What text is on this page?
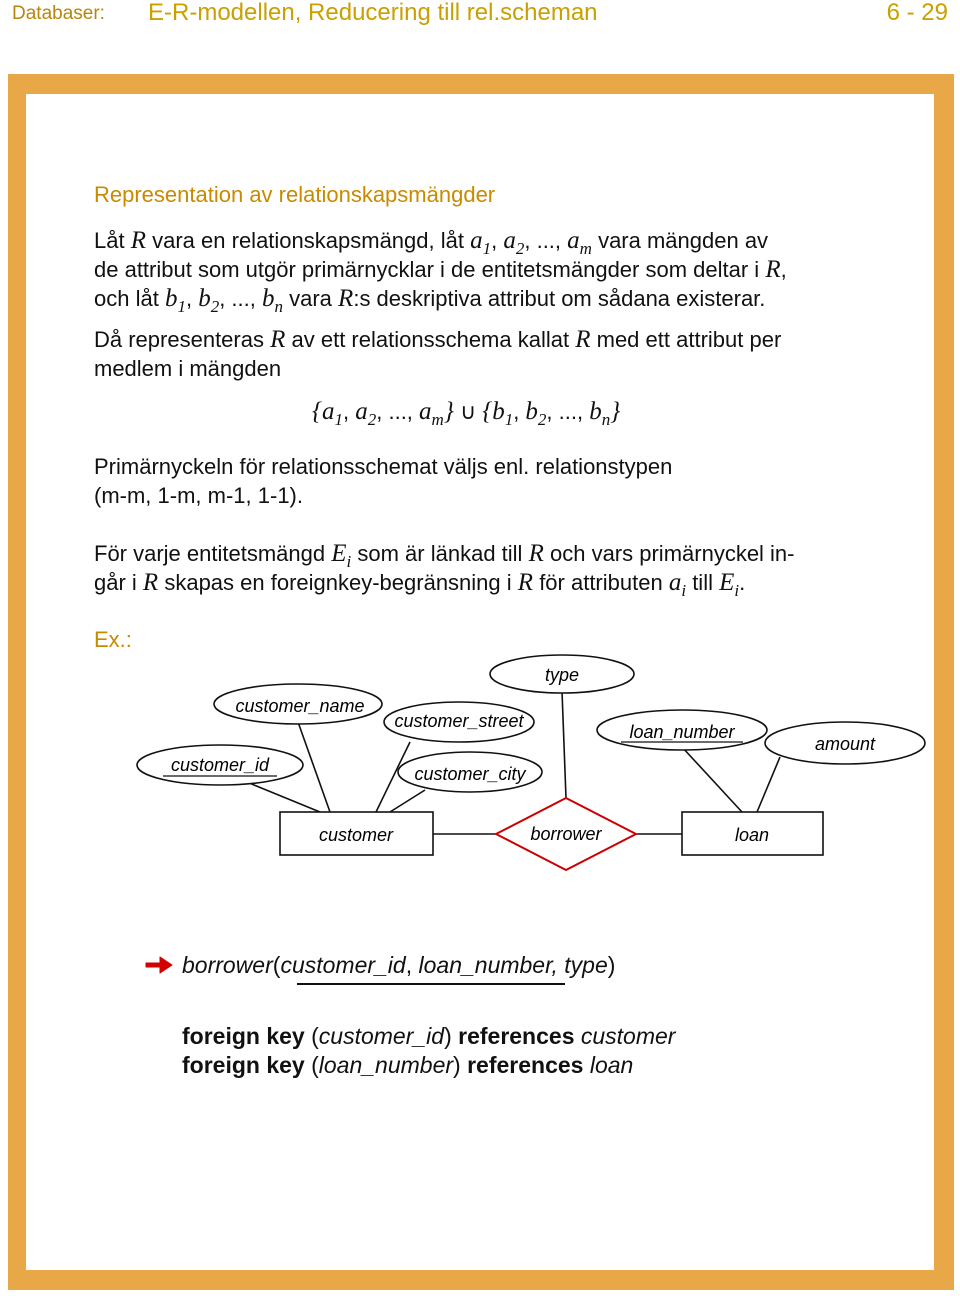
Databaser: E-R-modellen, Reducering till rel.scheman	6 - 29
Representation av relationskapsmängder
Låt R vara en relationskapsmängd, låt $a_1$, $a_2$, ..., $a_m$ vara mängden av
de attribut som utgör primärnycklar i de entitetsmängder som deltar i R,
och låt $b_1$, $b_2$, ..., $b_n$ vara R:s deskriptiva attribut om sådana existerar.
Då representeras R av ett relationsschema kallat R med ett attribut per
medlem i mängden
{$a_1$, $a_2$, ..., $a_m$} ∪ {$b_1$, $b_2$, ..., $b_n$}
Primärnyckeln för relationsschemat väljs enl. relationstypen
(m-m, 1-m, m-1, 1-1).
För varje entitetsmängd $E_i$ som är länkad till R och vars primärnyckel in-
går i R skapas en foreignkey-begränsning i R för attributen $a_i$ till $E_i$.
Ex.:
customer_id
customer_name
customer_street
customer_city
type
loan_number
amount
customer	borrower	loan
borrower(customer_id, loan_number, type)
foreign key (customer_id) references customer
foreign key (loan_number) references loan
